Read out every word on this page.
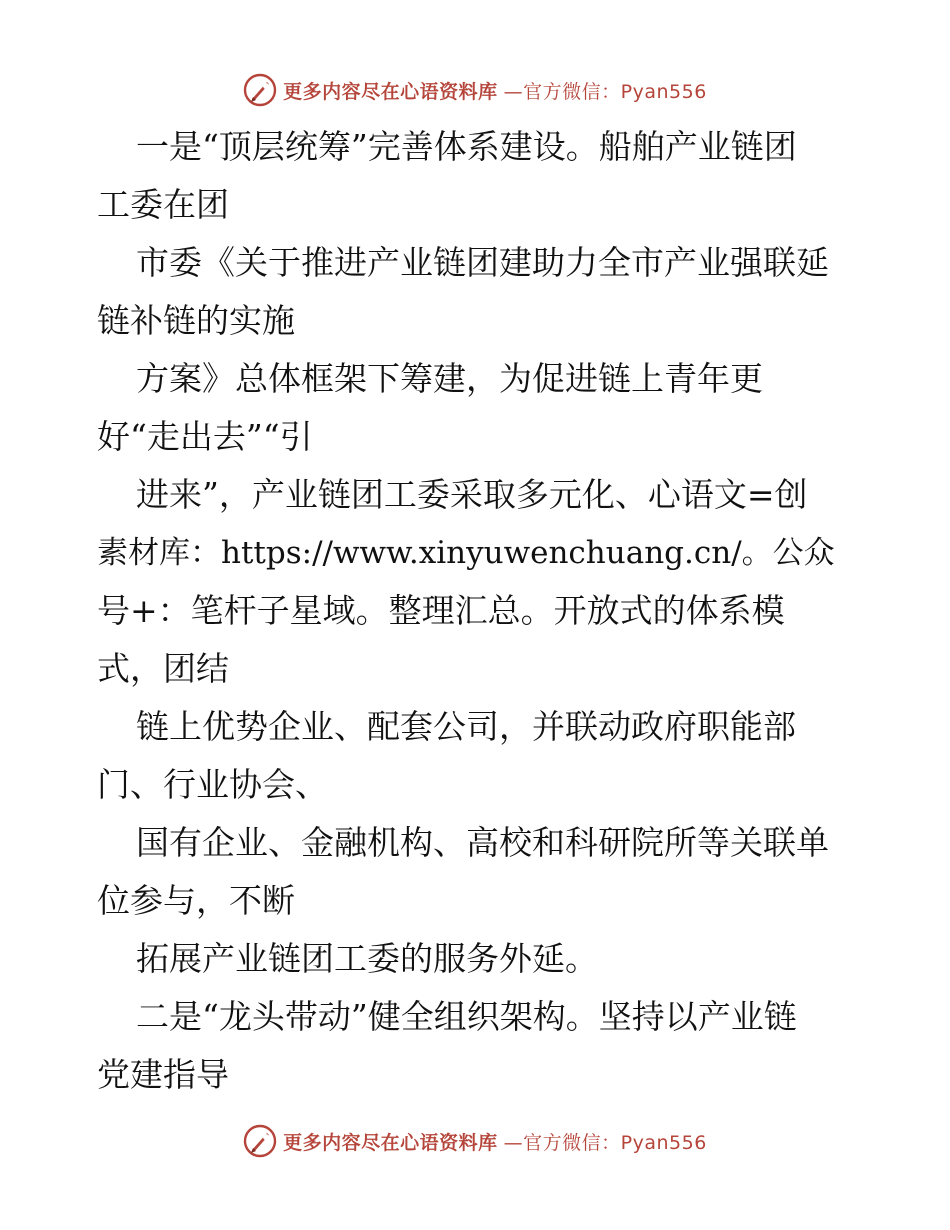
更多内容尽在心语资料库 —官方微信：Pyan556
一是“顶层统筹”完善体系建设。船舶产业链团
工委在团
市委《关于推进产业链团建助力全市产业强联延
链补链的实施
方案》总体框架下筹建，为促进链上青年更
好“走出去”“引
进来”，产业链团工委采取多元化、心语文=创
素材库：https://www.xinyuwenchuang.cn/。公众
号+：笔杆子星域。整理汇总。开放式的体系模
式，团结
链上优势企业、配套公司，并联动政府职能部
门、行业协会、
国有企业、金融机构、高校和科研院所等关联单
位参与，不断
拓展产业链团工委的服务外延。
二是“龙头带动”健全组织架构。坚持以产业链
党建指导
更多内容尽在心语资料库 —官方微信：Pyan556
